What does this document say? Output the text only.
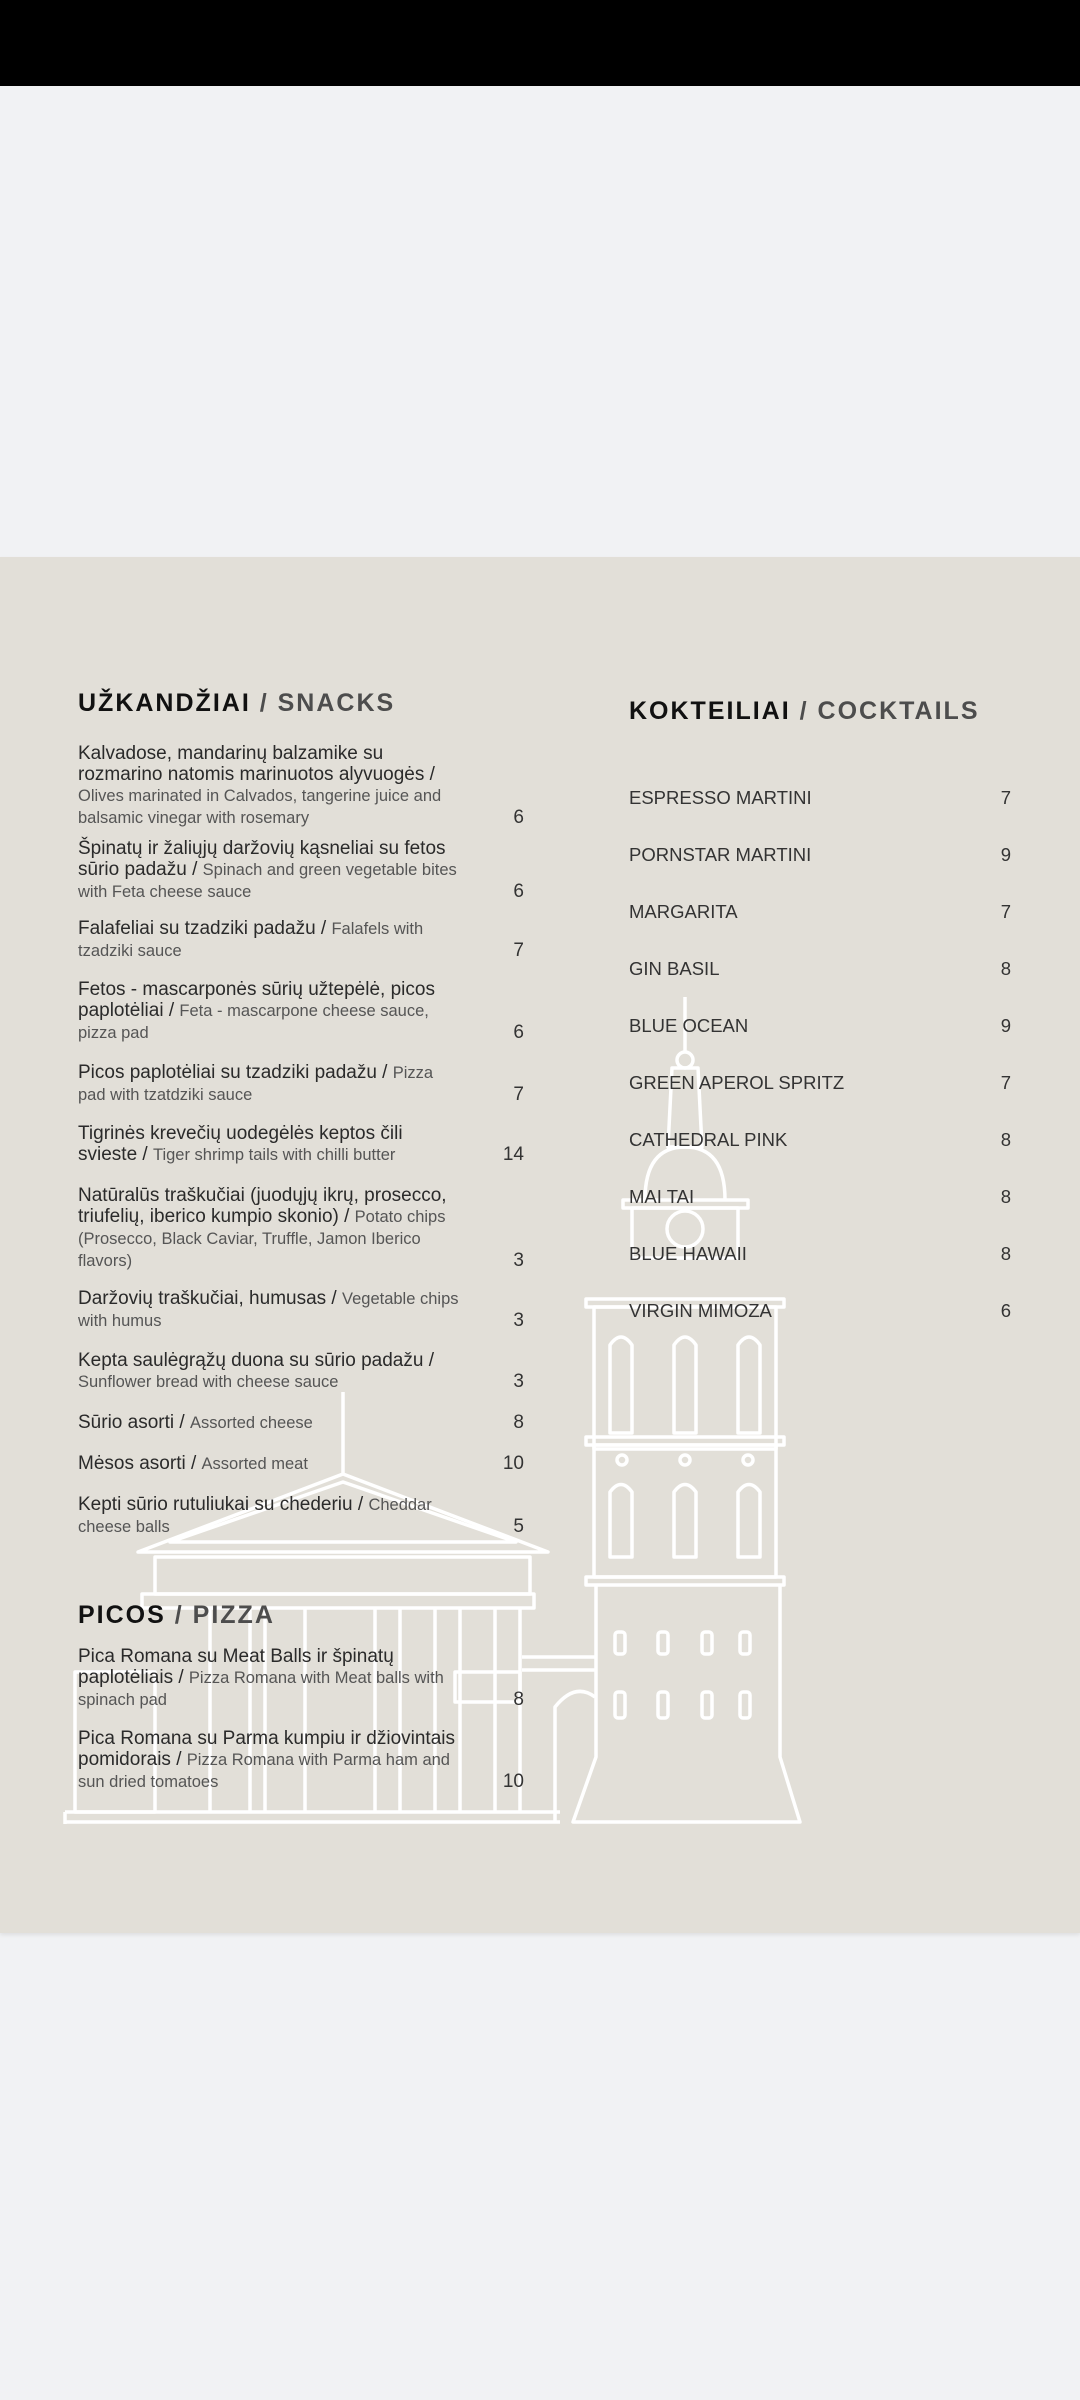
UŽKANDŽIAI / SNACKS
Kalvadose, mandarinų balzamike su rozmarino natomis marinuotos alyvuogės / Olives marinated in Calvados, tangerine juice and balsamic vinegar with rosemary	6
Špinatų ir žaliųjų daržovių kąsneliai su fetos sūrio padažu / Spinach and green vegetable bites with Feta cheese sauce	6
Falafeliai su tzadziki padažu / Falafels with tzadziki sauce	7
Fetos - mascarponės sūrių užtepėlė, picos paplotėliai / Feta - mascarpone cheese sauce, pizza pad	6
Picos paplotėliai su tzadziki padažu / Pizza pad with tzatdziki sauce	7
Tigrinės krevečių uodegėlės keptos čili svieste / Tiger shrimp tails with chilli butter	14
Natūralūs traškučiai (juodųjų ikrų, prosecco, triufelių, iberico kumpio skonio) / Potato chips (Prosecco, Black Caviar, Truffle, Jamon Iberico flavors)	3
Daržovių traškučiai, humusas / Vegetable chips with humus	3
Kepta saulėgrąžų duona su sūrio padažu / Sunflower bread with cheese sauce	3
Sūrio asorti / Assorted cheese	8
Mėsos asorti / Assorted meat	10
Kepti sūrio rutuliukai su chederiu / Cheddar cheese balls	5
PICOS / PIZZA
Pica Romana su Meat Balls ir špinatų paplotėliais / Pizza Romana with Meat balls with spinach pad	8
Pica Romana su Parma kumpiu ir džiovintais pomidorais / Pizza Romana with Parma ham and sun dried tomatoes	10
KOKTEILIAI / COCKTAILS
ESPRESSO MARTINI	7
PORNSTAR MARTINI	9
MARGARITA	7
GIN BASIL	8
BLUE OCEAN	9
GREEN APEROL SPRITZ	7
CATHEDRAL PINK	8
MAI TAI	8
BLUE HAWAII	8
VIRGIN MIMOZA	6
